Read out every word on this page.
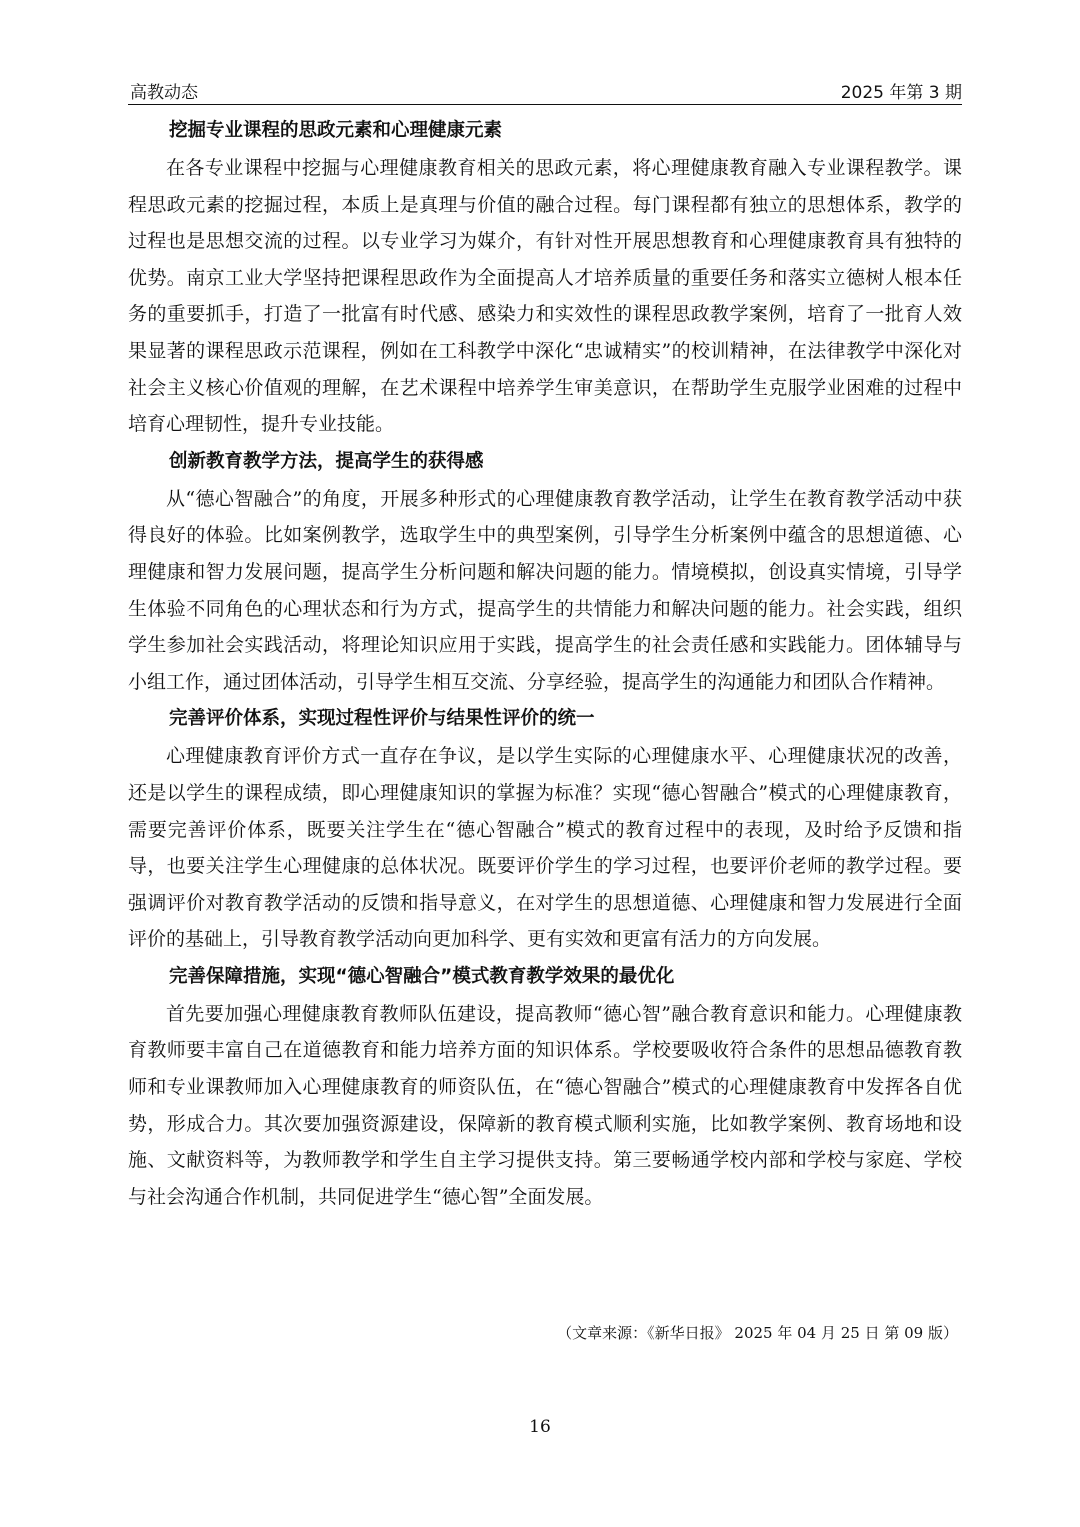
高教动态	2025 年第 3 期
挖掘专业课程的思政元素和心理健康元素

在各专业课程中挖掘与心理健康教育相关的思政元素，将心理健康教育融入专业课程教学。课程思政元素的挖掘过程，本质上是真理与价值的融合过程。每门课程都有独立的思想体系，教学的过程也是思想交流的过程。以专业学习为媒介，有针对性开展思想教育和心理健康教育具有独特的优势。南京工业大学坚持把课程思政作为全面提高人才培养质量的重要任务和落实立德树人根本任务的重要抓手，打造了一批富有时代感、感染力和实效性的课程思政教学案例，培育了一批育人效果显著的课程思政示范课程，例如在工科教学中深化“忠诚精实”的校训精神，在法律教学中深化对社会主义核心价值观的理解，在艺术课程中培养学生审美意识，在帮助学生克服学业困难的过程中培育心理韧性，提升专业技能。

创新教育教学方法，提高学生的获得感

从“德心智融合”的角度，开展多种形式的心理健康教育教学活动，让学生在教育教学活动中获得良好的体验。比如案例教学，选取学生中的典型案例，引导学生分析案例中蕴含的思想道德、心理健康和智力发展问题，提高学生分析问题和解决问题的能力。情境模拟，创设真实情境，引导学生体验不同角色的心理状态和行为方式，提高学生的共情能力和解决问题的能力。社会实践，组织学生参加社会实践活动，将理论知识应用于实践，提高学生的社会责任感和实践能力。团体辅导与小组工作，通过团体活动，引导学生相互交流、分享经验，提高学生的沟通能力和团队合作精神。

完善评价体系，实现过程性评价与结果性评价的统一

心理健康教育评价方式一直存在争议，是以学生实际的心理健康水平、心理健康状况的改善，还是以学生的课程成绩，即心理健康知识的掌握为标准？实现“德心智融合”模式的心理健康教育，需要完善评价体系，既要关注学生在“德心智融合”模式的教育过程中的表现，及时给予反馈和指导，也要关注学生心理健康的总体状况。既要评价学生的学习过程，也要评价老师的教学过程。要强调评价对教育教学活动的反馈和指导意义，在对学生的思想道德、心理健康和智力发展进行全面评价的基础上，引导教育教学活动向更加科学、更有实效和更富有活力的方向发展。

完善保障措施，实现“德心智融合”模式教育教学效果的最优化

首先要加强心理健康教育教师队伍建设，提高教师“德心智”融合教育意识和能力。心理健康教育教师要丰富自己在道德教育和能力培养方面的知识体系。学校要吸收符合条件的思想品德教育教师和专业课教师加入心理健康教育的师资队伍，在“德心智融合”模式的心理健康教育中发挥各自优势，形成合力。其次要加强资源建设，保障新的教育模式顺利实施，比如教学案例、教育场地和设施、文献资料等，为教师教学和学生自主学习提供支持。第三要畅通学校内部和学校与家庭、学校与社会沟通合作机制，共同促进学生“德心智”全面发展。

（文章来源：《新华日报》 2025 年 04 月 25 日 第 09 版）
16
